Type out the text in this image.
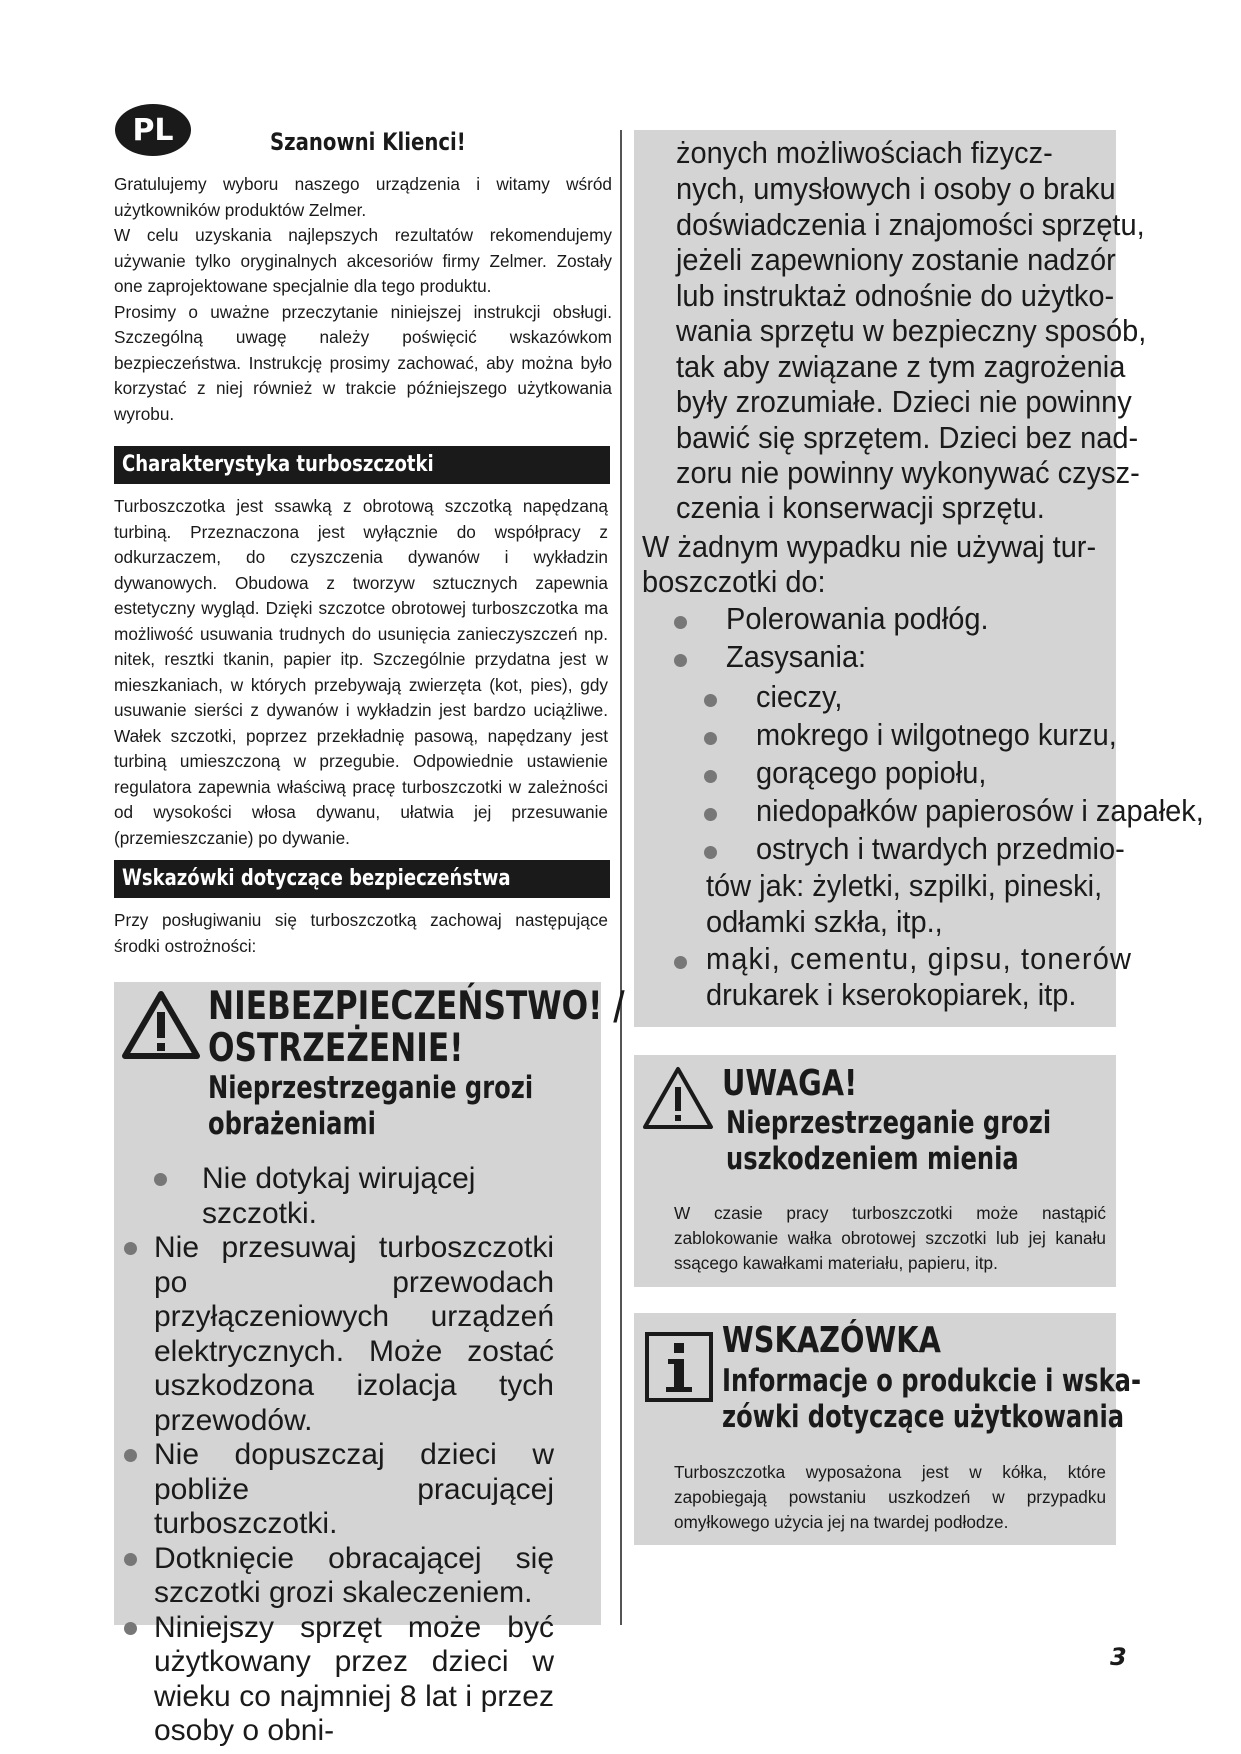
PL	Szanowni Klienci!

Gratulujemy wyboru naszego urządzenia i witamy wśród użytkowników produktów Zelmer.

W celu uzyskania najlepszych rezultatów rekomendujemy używanie tylko oryginalnych akcesoriów firmy Zelmer. Zostały one zaprojektowane specjalnie dla tego produktu.

Prosimy o uważne przeczytanie niniejszej instrukcji obsługi. Szczególną uwagę należy poświęcić wskazówkom bezpieczeństwa. Instrukcję prosimy zachować, aby można było korzystać z niej również w trakcie późniejszego użytkowania wyrobu.

Charakterystyka turboszczotki

Turboszczotka jest ssawką z obrotową szczotką napędzaną turbiną. Przeznaczona jest wyłącznie do współpracy z odkurzaczem, do czyszczenia dywanów i wykładzin dywanowych. Obudowa z tworzyw sztucznych zapewnia estetyczny wygląd. Dzięki szczotce obrotowej turboszczotka ma możliwość usuwania trudnych do usunięcia zanieczyszczeń np. nitek, resztki tkanin, papier itp. Szczególnie przydatna jest w mieszkaniach, w których przebywają zwierzęta (kot, pies), gdy usuwanie sierści z dywanów i wykładzin jest bardzo uciążliwe. Wałek szczotki, poprzez przekładnię pasową, napędzany jest turbiną umieszczoną w przegubie. Odpowiednie ustawienie regulatora zapewnia właściwą pracę turboszczotki w zależności od wysokości włosa dywanu, ułatwia jej przesuwanie (przemieszczanie) po dywanie.

Wskazówki dotyczące bezpieczeństwa

Przy posługiwaniu się turboszczotką zachowaj następujące środki ostrożności:

NIEBEZPIECZEŃSTWO! /
OSTRZEŻENIE!
Nieprzestrzeganie grozi
obrażeniami
Nie dotykaj wirującej szczotki.
Nie przesuwaj turboszczotki po przewodach przyłączeniowych urządzeń elektrycznych. Może zostać uszkodzona izolacja tych przewodów.
Nie dopuszczaj dzieci w pobliże pracującej turboszczotki.
Dotknięcie obracającej się szczotki grozi skaleczeniem.
Niniejszy sprzęt może być użytkowany przez dzieci w wieku co najmniej 8 lat i przez osoby o obni-
żonych możliwościach fizycz-
nych, umysłowych i osoby o braku
doświadczenia i znajomości sprzętu,
jeżeli zapewniony zostanie nadzór
lub instruktaż odnośnie do użytko-
wania sprzętu w bezpieczny sposób,
tak aby związane z tym zagrożenia
były zrozumiałe. Dzieci nie powinny
bawić się sprzętem. Dzieci bez nad-
zoru nie powinny wykonywać czysz-
czenia i konserwacji sprzętu.
W żadnym wypadku nie używaj tur-
boszczotki do:
Polerowania podłóg.
Zasysania:
cieczy,
mokrego i wilgotnego kurzu,
gorącego popiołu,
niedopałków papierosów i zapałek,
ostrych i twardych przedmio-
tów jak: żyletki, szpilki, pineski,
odłamki szkła, itp.,
mąki, cementu, gipsu, tonerów
drukarek i kserokopiarek, itp.
UWAGA!
Nieprzestrzeganie grozi
uszkodzeniem mienia

W czasie pracy turboszczotki może nastąpić zablokowanie wałka obrotowej szczotki lub jej kanału ssącego kawałkami materiału, papieru, itp.

WSKAZÓWKA
Informacje o produkcie i wska-
zówki dotyczące użytkowania

Turboszczotka wyposażona jest w kółka, które zapobiegają powstaniu uszkodzeń w przypadku omyłkowego użycia jej na twardej podłodze.

3
